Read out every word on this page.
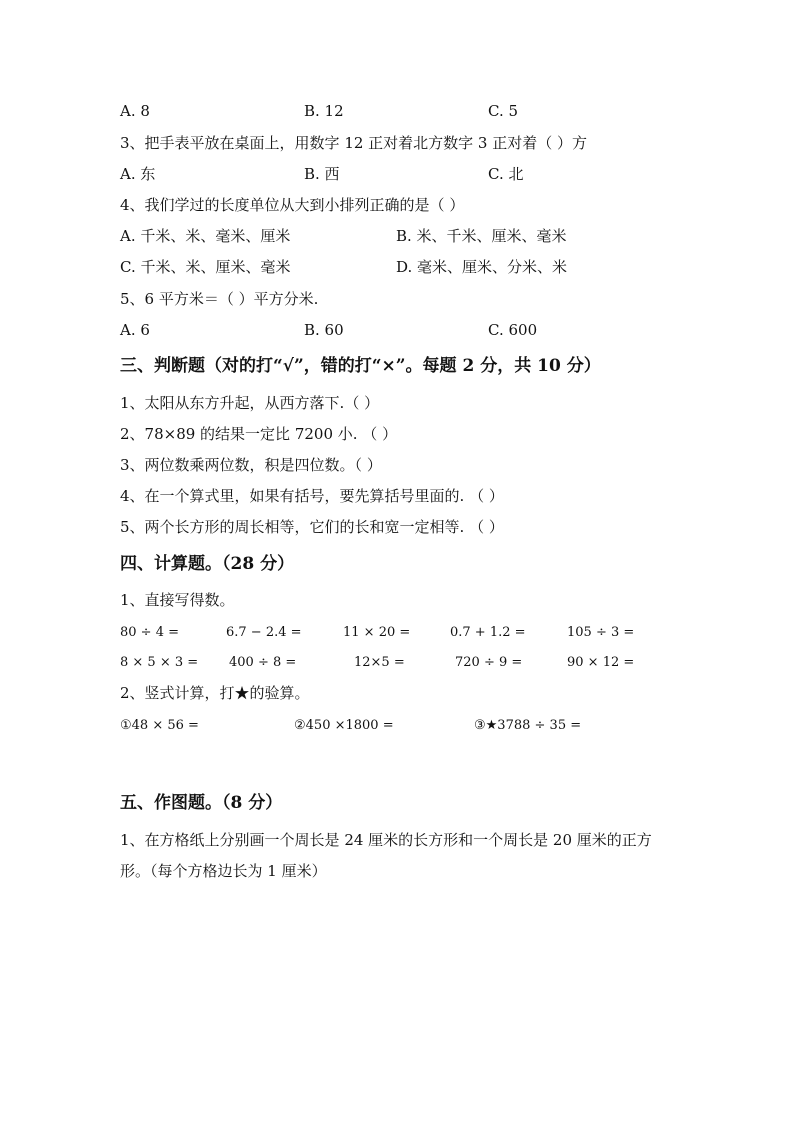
A. 8	B. 12	C. 5
3、把手表平放在桌面上，用数字 12 正对着北方数字 3 正对着（ ）方
A. 东	B. 西	C. 北
4、我们学过的长度单位从大到小排列正确的是（ ）
A. 千米、米、毫米、厘米	B. 米、千米、厘米、毫米
C. 千米、米、厘米、毫米	D. 毫米、厘米、分米、米
5、6 平方米＝（ ）平方分米.
A. 6	B. 60	C. 600
三、判断题（对的打“√”，错的打“×”。每题 2 分，共 10 分）
1、太阳从东方升起，从西方落下.（ ）
2、78×89 的结果一定比 7200 小. （ ）
3、两位数乘两位数，积是四位数。（ ）
4、在一个算式里，如果有括号，要先算括号里面的. （ ）
5、两个长方形的周长相等，它们的长和宽一定相等. （ ）
四、计算题。（28 分）
1、直接写得数。
80 ÷ 4 =	6.7 − 2.4 =	11 × 20 =	0.7 + 1.2 =	105 ÷ 3 =
8 × 5 × 3 = 400 ÷ 8 =	12×5 =	720 ÷ 9 =	90 × 12 =
2、竖式计算，打★的验算。
①48 × 56 =	②450 ×1800 =	③★3788 ÷ 35 =
五、作图题。（8 分）
1、在方格纸上分别画一个周长是 24 厘米的长方形和一个周长是 20 厘米的正方
形。（每个方格边长为 1 厘米）
